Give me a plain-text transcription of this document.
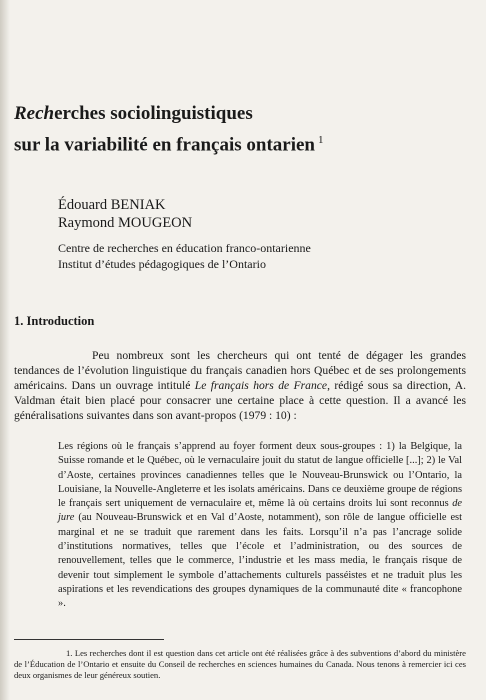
Recherches sociolinguistiques
sur la variabilité en français ontarien $^1$
Édouard BENIAK
Raymond MOUGEON
Centre de recherches en éducation franco-ontarienne
Institut d’études pédagogiques de l’Ontario
1. Introduction

Peu nombreux sont les chercheurs qui ont tenté de dégager les grandes tendances de l’évolution linguistique du français canadien hors Québec et de ses prolongements américains. Dans un ouvrage intitulé Le français hors de France, rédigé sous sa direction, A. Valdman était bien placé pour consacrer une certaine place à cette question. Il a avancé les généralisations suivantes dans son avant-propos (1979 : 10) :

Les régions où le français s’apprend au foyer forment deux sous-groupes : 1) la Belgique, la Suisse romande et le Québec, où le vernaculaire jouit du statut de langue officielle [...]; 2) le Val d’Aoste, certaines provinces canadiennes telles que le Nouveau-Brunswick ou l’Ontario, la Louisiane, la Nouvelle-Angleterre et les isolats américains. Dans ce deuxième groupe de régions le français sert uniquement de vernaculaire et, même là où certains droits lui sont reconnus de jure (au Nouveau-Brunswick et en Val d’Aoste, notamment), son rôle de langue officielle est marginal et ne se traduit que rarement dans les faits. Lorsqu’il n’a pas l’ancrage solide d’institutions normatives, telles que l’école et l’administration, ou des sources de renouvellement, telles que le commerce, l’industrie et les mass media, le français risque de devenir tout simplement le symbole d’attachements culturels passéistes et ne traduit plus les aspirations et les revendications des groupes dynamiques de la communauté dite « francophone ».

1. Les recherches dont il est question dans cet article ont été réalisées grâce à des subventions d’abord du ministère de l’Éducation de l’Ontario et ensuite du Conseil de recherches en sciences humaines du Canada. Nous tenons à remercier ici ces deux organismes de leur généreux soutien.
